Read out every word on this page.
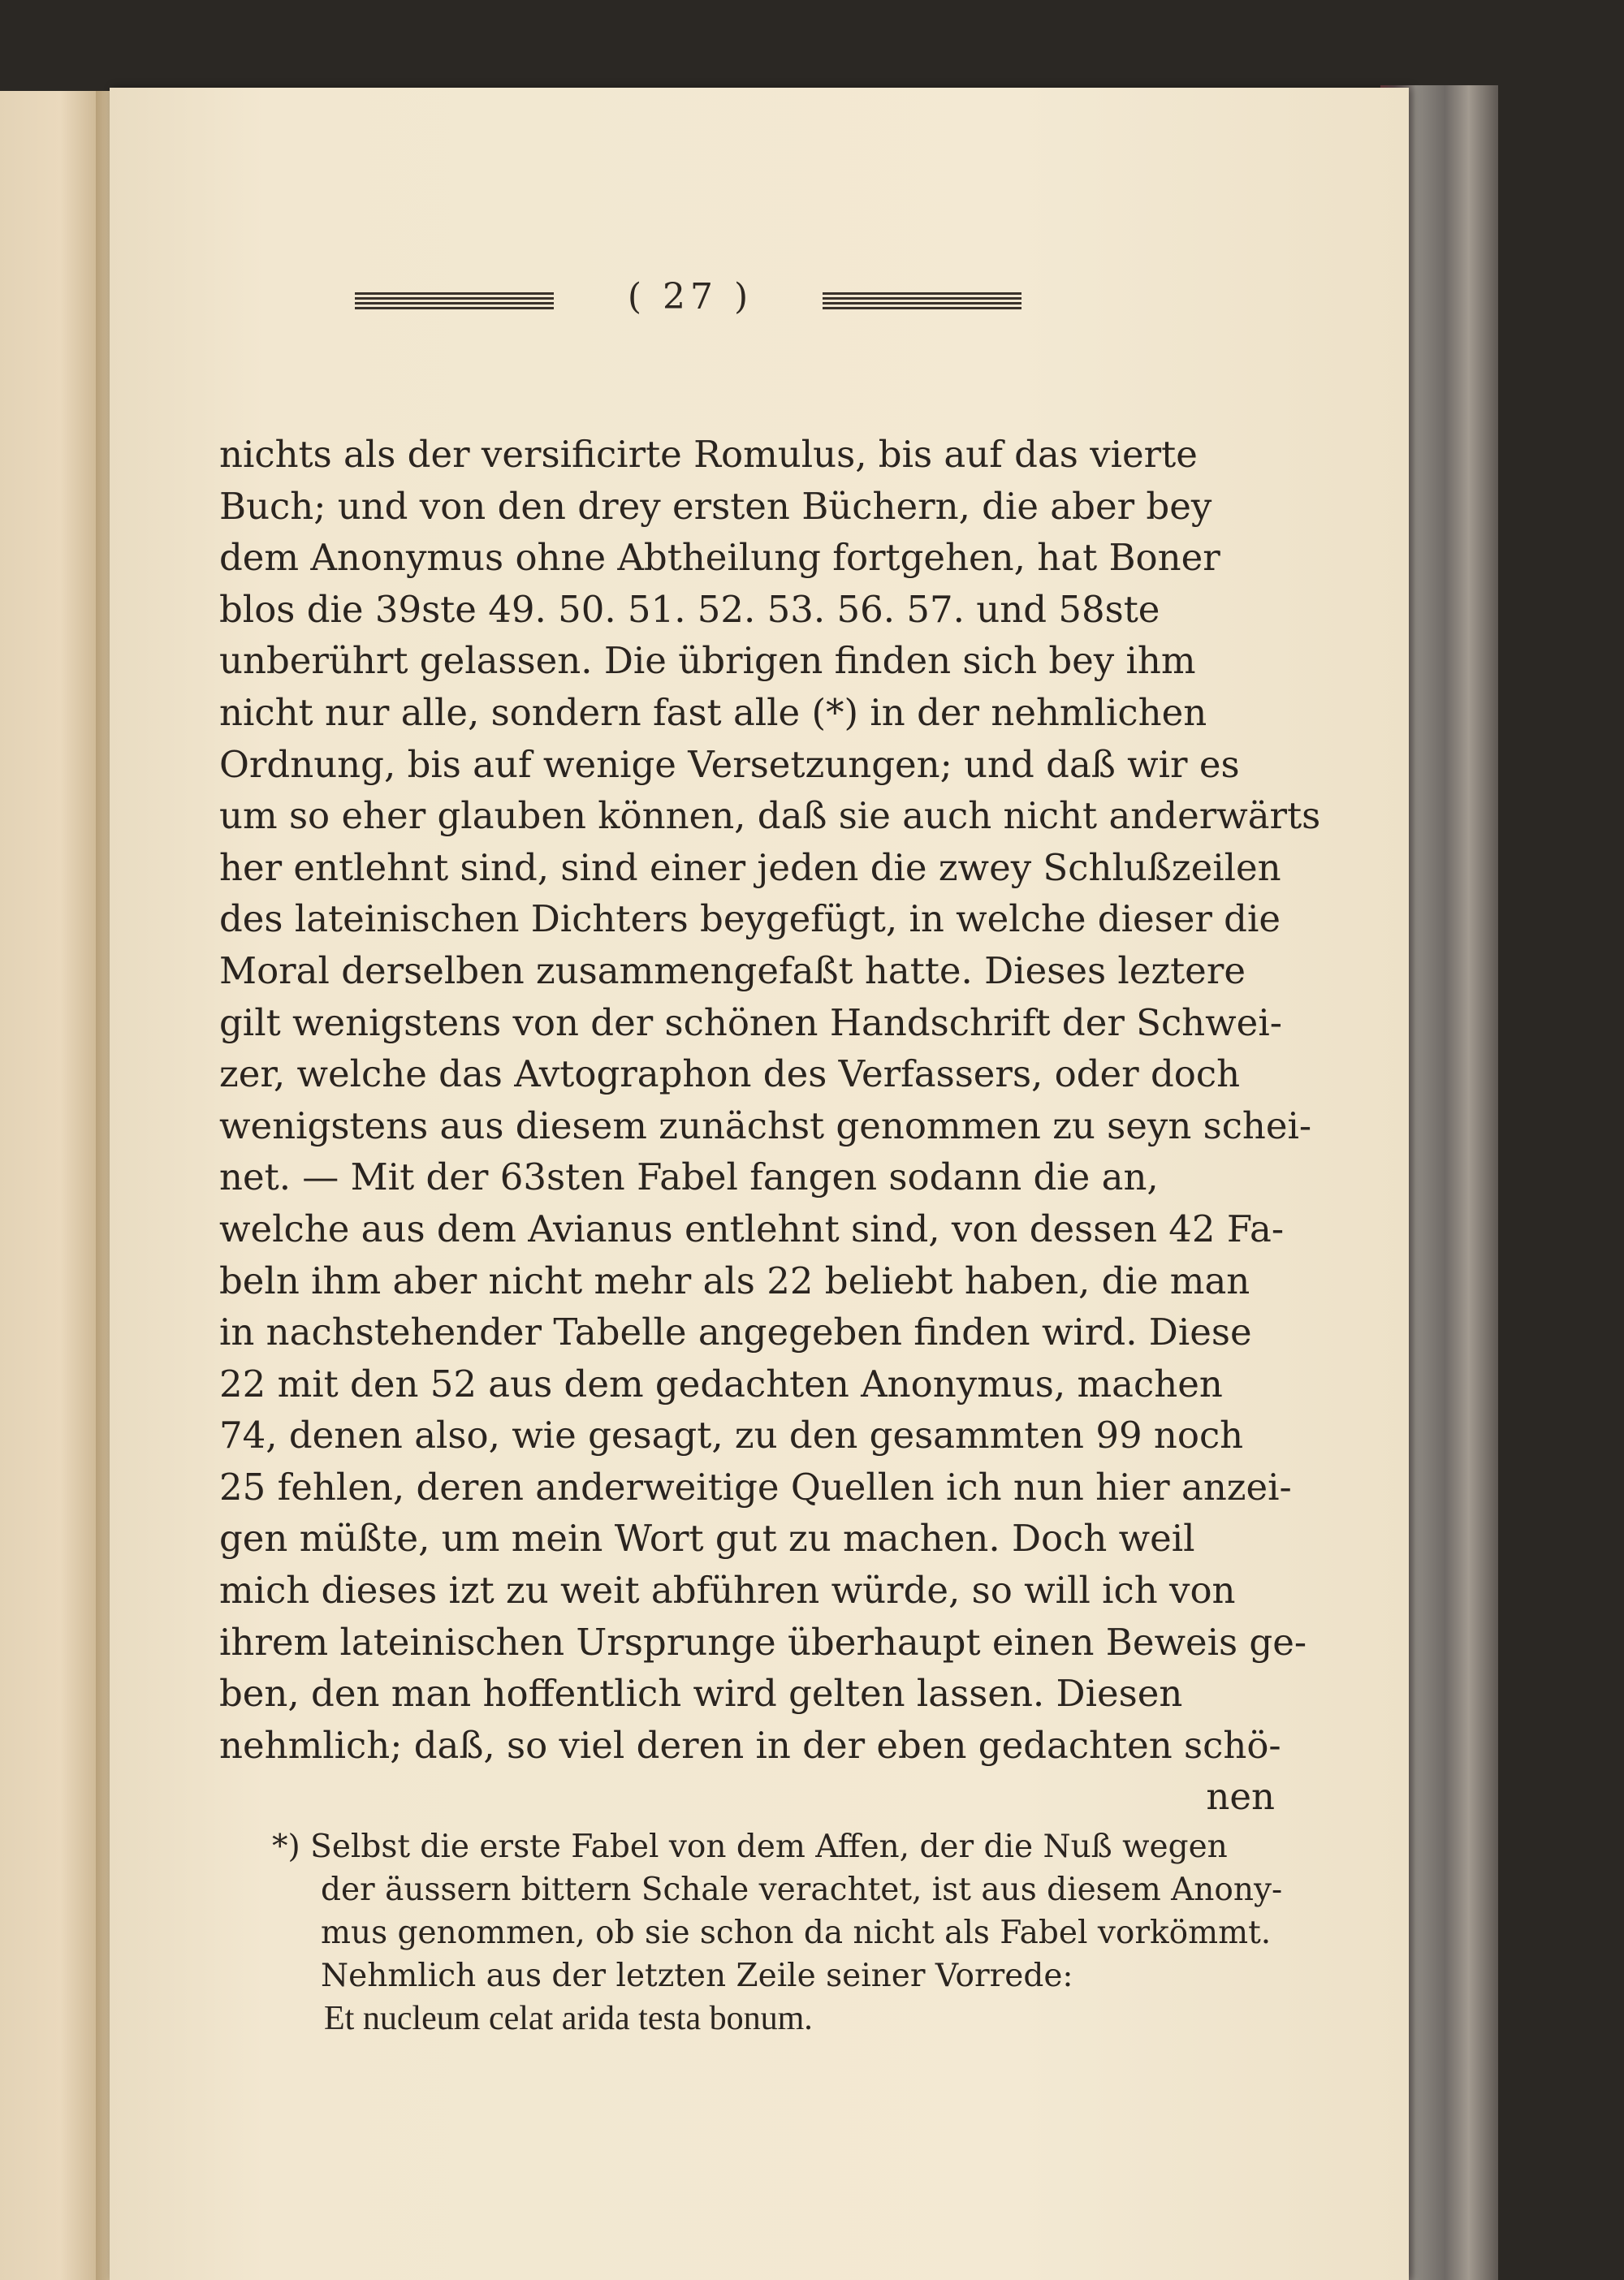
( 27 )
nichts als der versificirte Romulus, bis auf das vierte
Buch; und von den drey ersten Büchern, die aber bey
dem Anonymus ohne Abtheilung fortgehen, hat Boner
blos die 39ste 49. 50. 51. 52. 53. 56. 57. und 58ste
unberührt gelassen. Die übrigen finden sich bey ihm
nicht nur alle, sondern fast alle (*) in der nehmlichen
Ordnung, bis auf wenige Versetzungen; und daß wir es
um so eher glauben können, daß sie auch nicht anderwärts
her entlehnt sind, sind einer jeden die zwey Schlußzeilen
des lateinischen Dichters beygefügt, in welche dieser die
Moral derselben zusammengefaßt hatte. Dieses leztere
gilt wenigstens von der schönen Handschrift der Schwei-
zer, welche das Avtographon des Verfassers, oder doch
wenigstens aus diesem zunächst genommen zu seyn schei-
net. — Mit der 63sten Fabel fangen sodann die an,
welche aus dem Avianus entlehnt sind, von dessen 42 Fa-
beln ihm aber nicht mehr als 22 beliebt haben, die man
in nachstehender Tabelle angegeben finden wird. Diese
22 mit den 52 aus dem gedachten Anonymus, machen
74, denen also, wie gesagt, zu den gesammten 99 noch
25 fehlen, deren anderweitige Quellen ich nun hier anzei-
gen müßte, um mein Wort gut zu machen. Doch weil
mich dieses izt zu weit abführen würde, so will ich von
ihrem lateinischen Ursprunge überhaupt einen Beweis ge-
ben, den man hoffentlich wird gelten lassen. Diesen
nehmlich; daß, so viel deren in der eben gedachten schö-
nen
*) Selbst die erste Fabel von dem Affen, der die Nuß wegen
der äussern bittern Schale verachtet, ist aus diesem Anony-
mus genommen, ob sie schon da nicht als Fabel vorkömmt.
Nehmlich aus der letzten Zeile seiner Vorrede:
Et nucleum celat arida testa bonum.
